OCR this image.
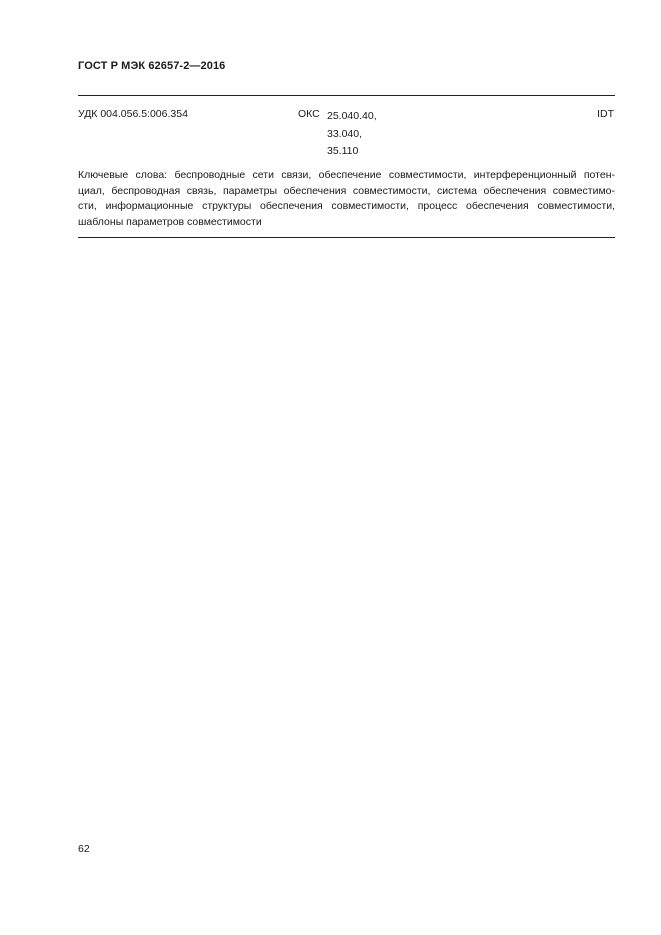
ГОСТ Р МЭК 62657-2—2016
УДК 004.056.5:006.354	ОКС 25.040.40,
33.040,
35.110
IDT
Ключевые слова: беспроводные сети связи, обеспечение совместимости, интерференционный потен-
циал, беспроводная связь, параметры обеспечения совместимости, система обеспечения совместимо-
сти, информационные структуры обеспечения совместимости, процесс обеспечения совместимости,
шаблоны параметров совместимости
62
